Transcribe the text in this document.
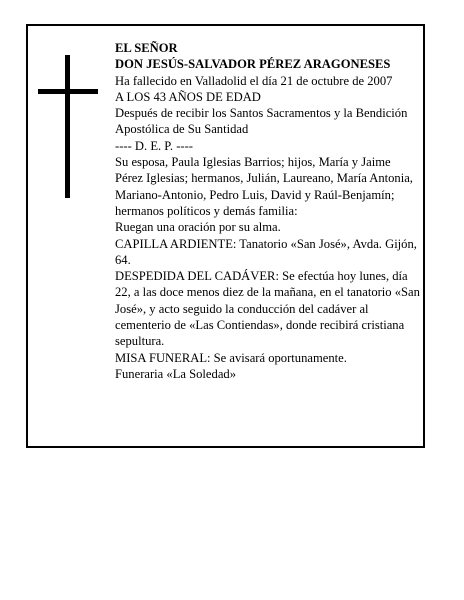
EL SEÑOR

DON JESÚS-SALVADOR PÉREZ ARAGONESES

Ha fallecido en Valladolid el día 21 de octubre de 2007

A LOS 43 AÑOS DE EDAD

Después de recibir los Santos Sacramentos y la Bendición Apostólica de Su Santidad

---- D. E. P. ----

Su esposa, Paula Iglesias Barrios; hijos, María y Jaime Pérez Iglesias; hermanos, Julián, Laureano, María Antonia, Mariano-Antonio, Pedro Luis, David y Raúl-Benjamín; hermanos políticos y demás familia:

Ruegan una oración por su alma.

CAPILLA ARDIENTE: Tanatorio «San José», Avda. Gijón, 64.

DESPEDIDA DEL CADÁVER: Se efectúa hoy lunes, día 22, a las doce menos diez de la mañana, en el tanatorio «San José», y acto seguido la conducción del cadáver al cementerio de «Las Contiendas», donde recibirá cristiana sepultura.

MISA FUNERAL: Se avisará oportunamente.

Funeraria «La Soledad»
